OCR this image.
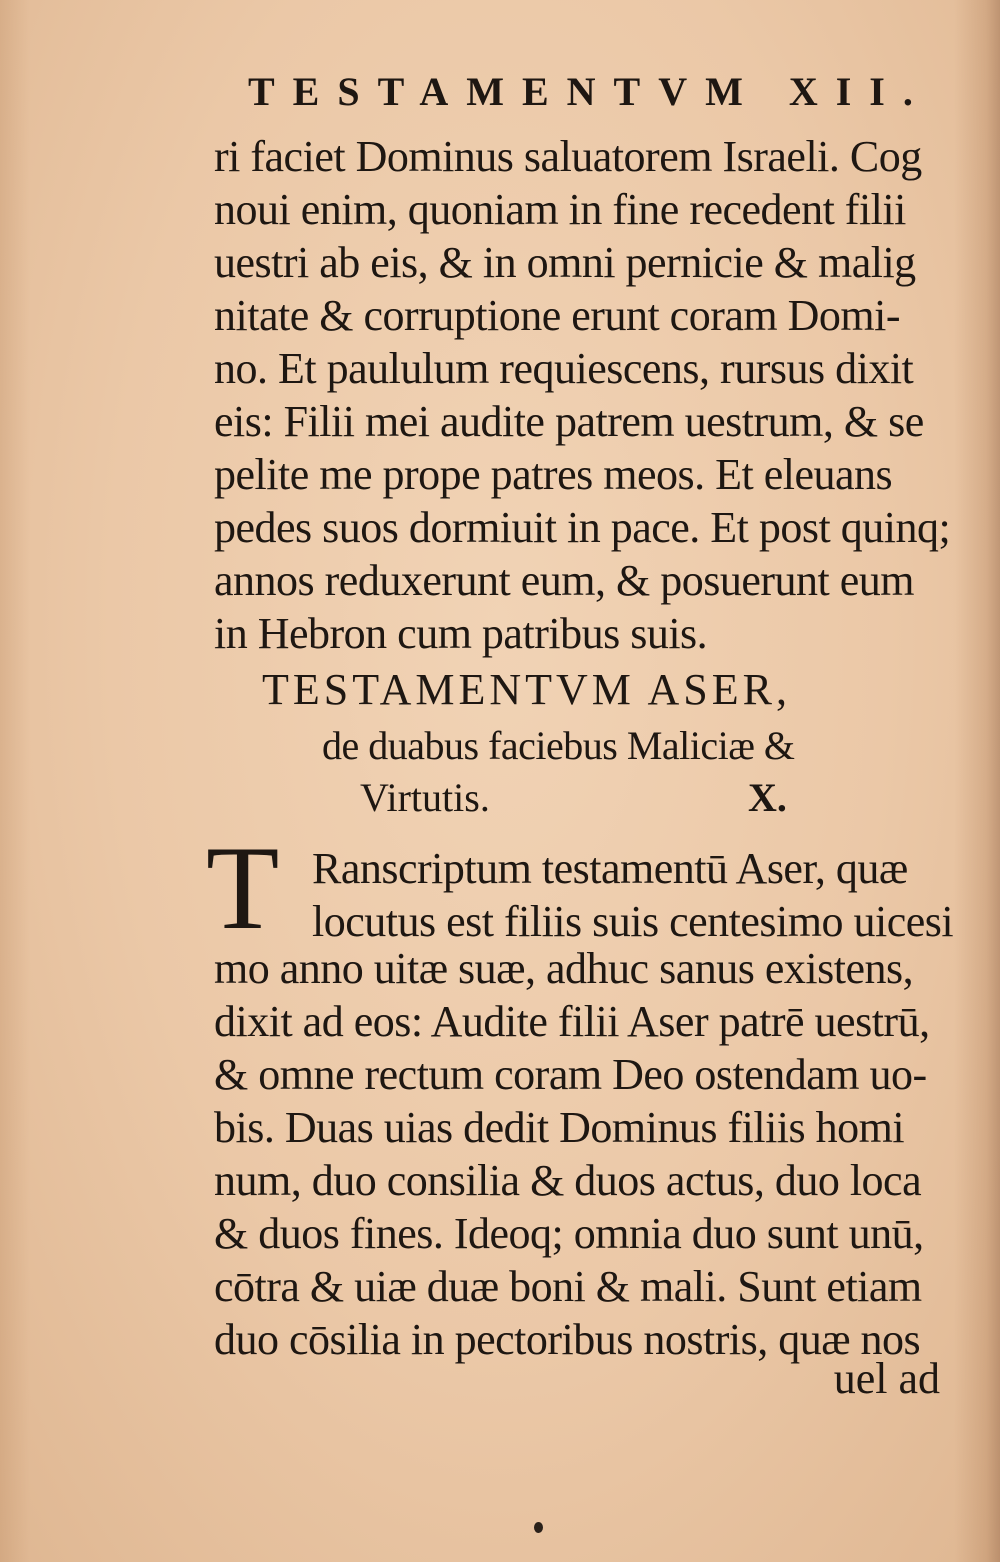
TESTAMENTVM XII.
ri faciet Dominus saluatorem Israeli. Cog
noui enim, quoniam in fine recedent filii
uestri ab eis, & in omni pernicie & malig
nitate & corruptione erunt coram Domi-
no. Et paululum requiescens, rursus dixit
eis: Filii mei audite patrem uestrum, & se
pelite me prope patres meos. Et eleuans
pedes suos dormiuit in pace. Et post quinq;
annos reduxerunt eum, & posuerunt eum
in Hebron cum patribus suis.
TESTAMENTVM ASER,
de duabus faciebus Maliciæ &
Virtutis.	X.
T Ranscriptum testamentū Aser, quæ
locutus est filiis suis centesimo uicesi
mo anno uitæ suæ, adhuc sanus existens,
dixit ad eos: Audite filii Aser patrē uestrū,
& omne rectum coram Deo ostendam uo-
bis. Duas uias dedit Dominus filiis homi
num, duo consilia & duos actus, duo loca
& duos fines. Ideoq; omnia duo sunt unū,
cōtra & uiæ duæ boni & mali. Sunt etiam
duo cōsilia in pectoribus nostris, quæ nos
uel ad
